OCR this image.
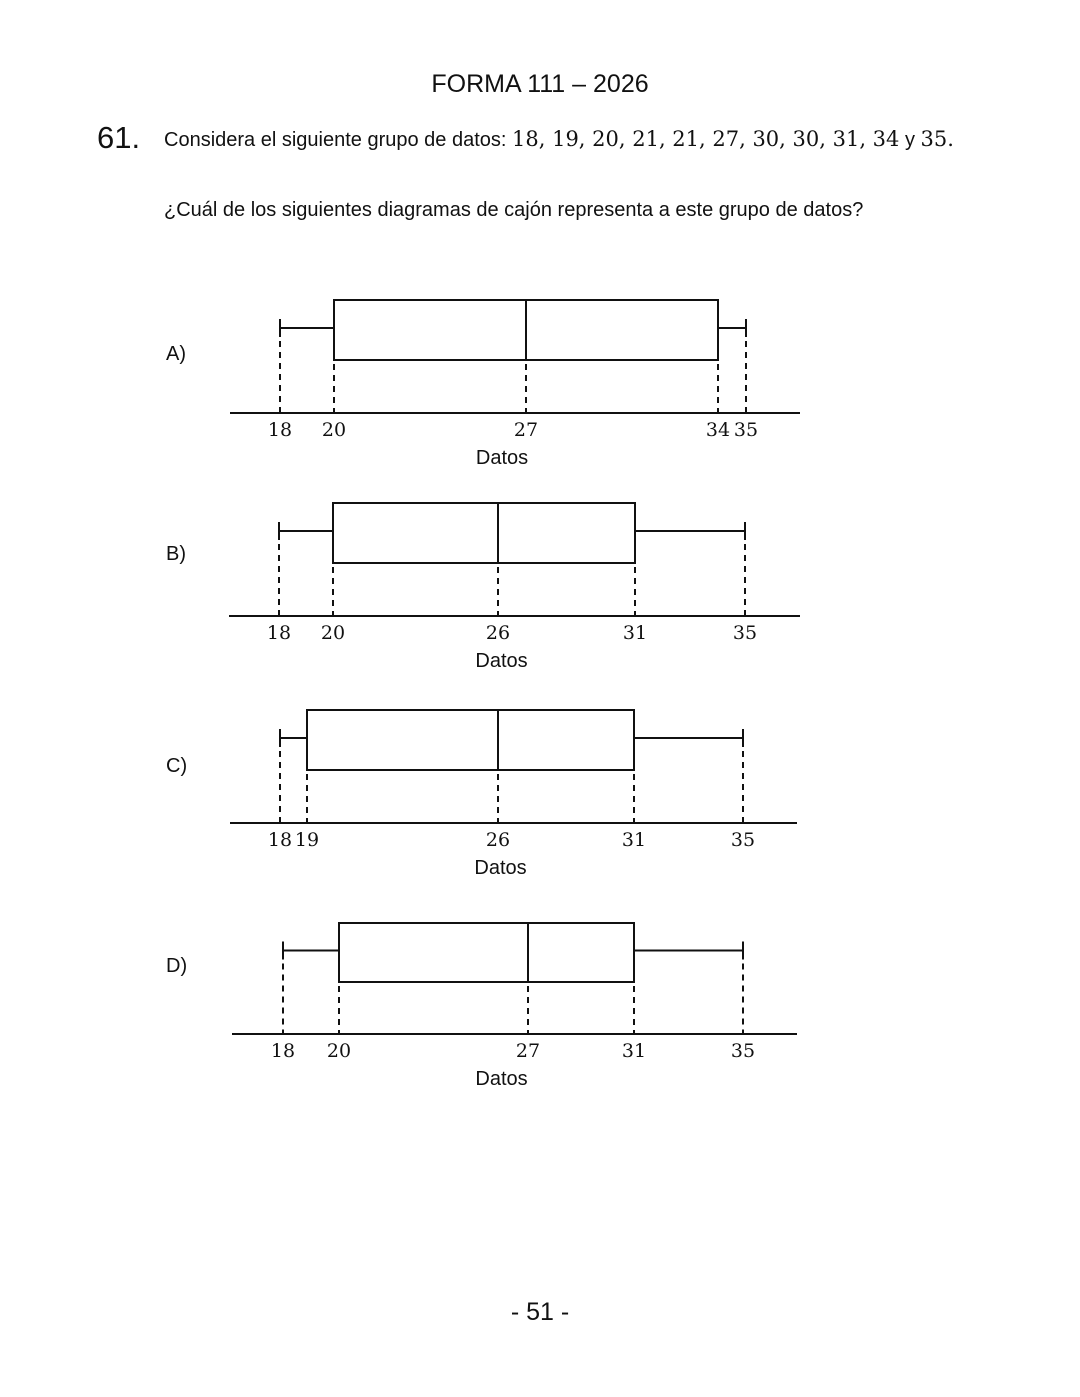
FORMA 111 – 2026
61. Considera el siguiente grupo de datos: 18, 19, 20, 21, 21, 27, 30, 30, 31, 34 y 35.
¿Cuál de los siguientes diagramas de cajón representa a este grupo de datos?
A)
B)
C)
D)
18 20	27	34 35
Datos
18 20	26	31	35
Datos
18 19	26	31	35
Datos
18 20	27	31	35
Datos
- 51 -
